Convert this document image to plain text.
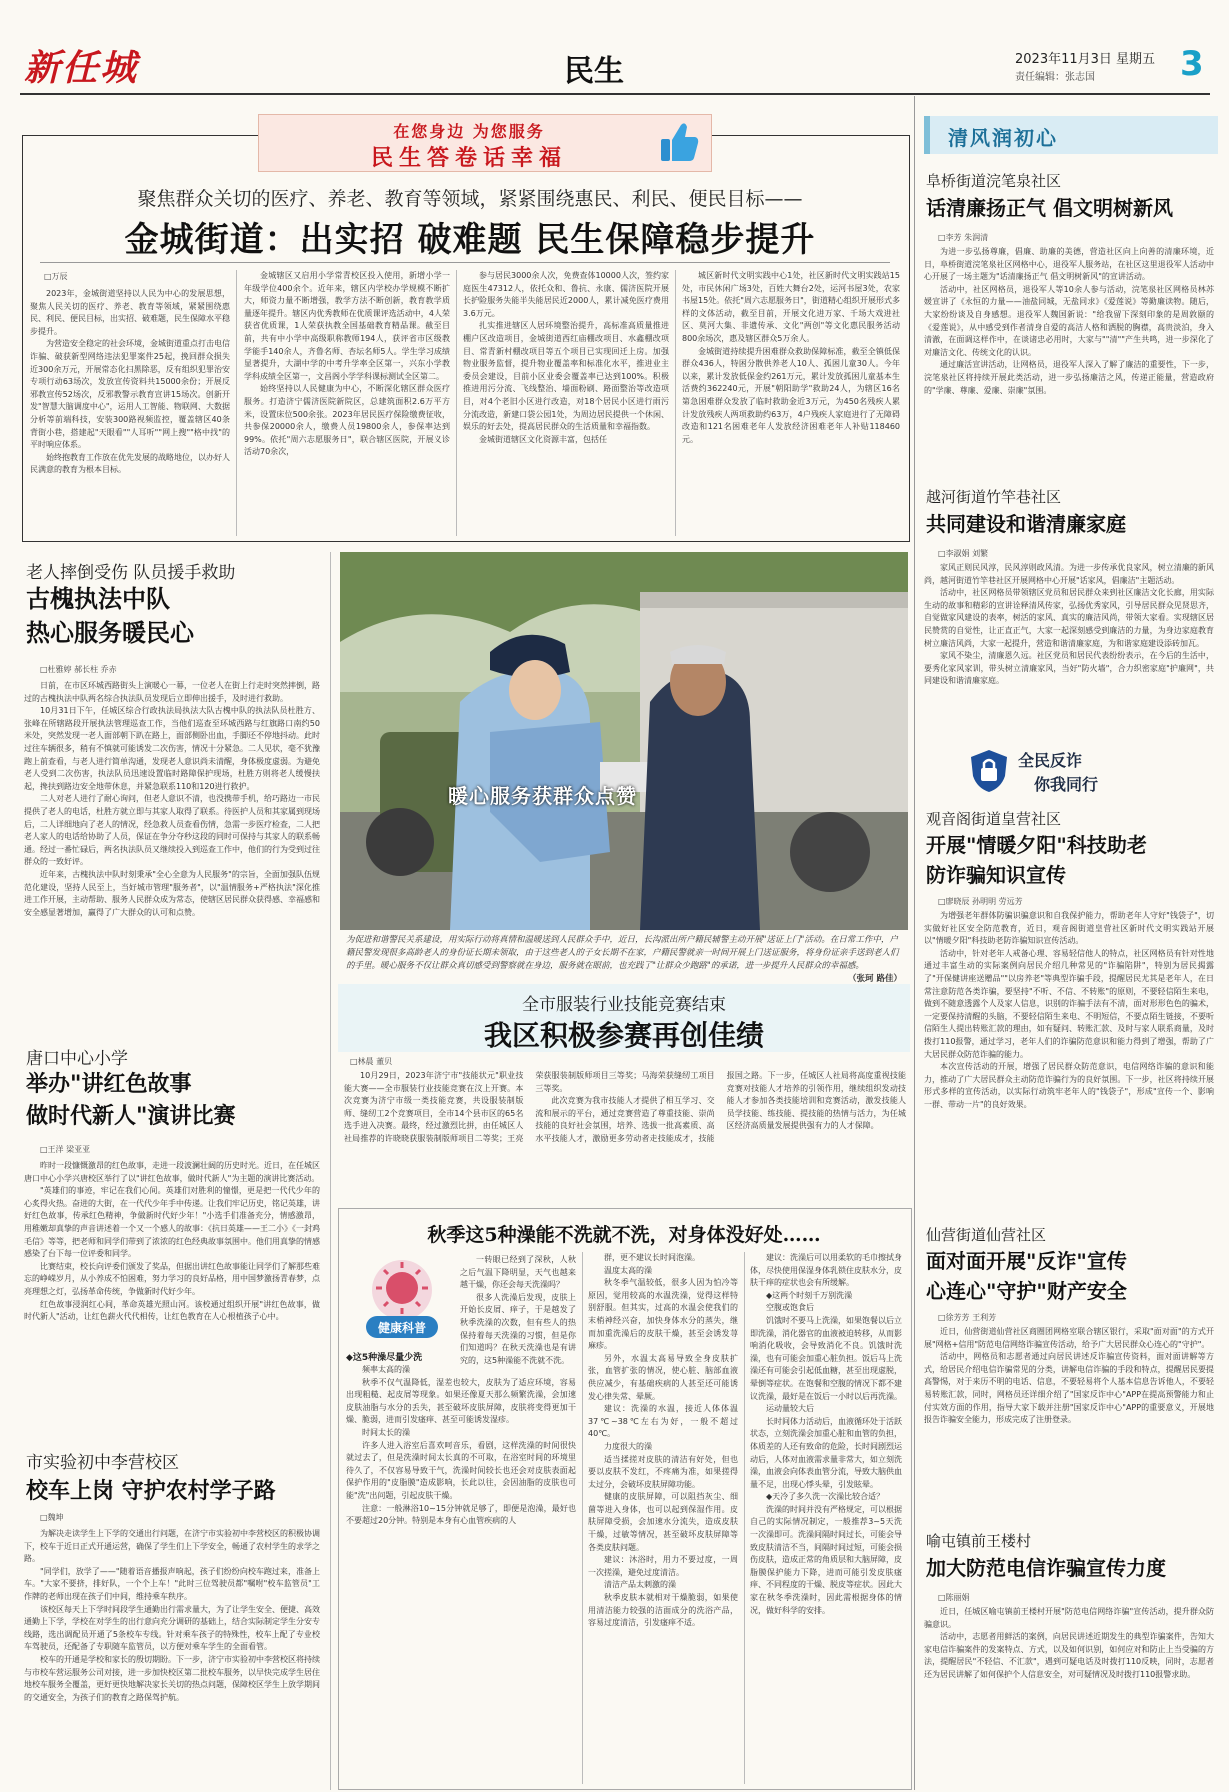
新任城	民生	2023年11月3日 星期五
责任编辑：张志国	3
在您身边 为您服务
民生答卷话幸福
聚焦群众关切的医疗、养老、教育等领域，紧紧围绕惠民、利民、便民目标——
金城街道：出实招 破难题 民生保障稳步提升
□万辰

2023年，金城街道坚持以人民为中心的发展思想，聚焦人民关切的医疗、养老、教育等领域，紧紧围绕惠民、利民、便民目标，出实招、破难题，民生保障水平稳步提升。

为营造安全稳定的社会环境，金城街道重点打击电信诈骗、破获新型网络违法犯罪案件25起，挽回群众损失近300余万元，开展常态化扫黑除恶，反有组织犯罪治安专项行动63场次，发放宣传资料共15000余份；开展反邪教宣传52场次，反邪教警示教育宣讲15场次。创新开发"智慧大脑调度中心"，运用人工智能、物联网、大数据分析等前端科技，安装300路视频监控，覆盖辖区40条背街小巷，搭建起"天眼看""人耳听""网上搜""格中找"的平时响应体系。

始终抱教育工作放在优先发展的战略地位，以办好人民满意的教育为根本目标。

金城辖区又启用小学常青校区投入使用，新增小学一年级学位400余个。近年来，辖区内学校办学规模不断扩大，师资力量不断增强，教学方法不断创新，教育教学质量逐年提升。辖区内优秀教师在优质课评选活动中，4人荣获省优质课，1人荣获执教全国基础教育精品课。截至目前，共有中小学中高级职称教师194人，获评省市区级教学能手140余人，齐鲁名师、杏坛名师5人。学生学习成绩显著提升，大湖中学的中考升学率全区第一，兴东小学教学科成绩全区第一，文昌阁小学学科课标测试全区第二。

始终坚持以人民健康为中心，不断深化辖区群众医疗服务。打造济宁儒济医院新院区，总建筑面积2.6万平方米，设置床位500余张。2023年居民医疗保险缴费征收，共参保20000余人，缴费人员19800余人，参保率达到99%。依托"周六志愿服务日"，联合辖区医院，开展义诊活动70余次，

参与居民3000余人次，免费查体10000人次，签约家庭医生47312人，依托众和、鲁抗、永康、儒济医院开展长护险服务失能半失能居民近2000人，累计减免医疗费用3.6万元。

扎实推进辖区人居环境整治提升，高标准高质量推进棚户区改造项目，金城街道西红庙棚改项目、水鑫棚改项目、常青新村棚改项目等五个项目已实现回迁上房。加强物业服务监督，提升物业覆盖率和标准化水平，推进业主委员会建设，目前小区业委会覆盖率已达到100%。积极推进用污分流、飞线整治、墙面粉刷、路面整治等改造项目，对4个老旧小区进行改造，对18个居民小区进行雨污分流改造，新建口袋公园1处，为周边居民提供一个休闲、娱乐的好去处，提高居民群众的生活质量和幸福指数。

金城街道辖区文化资源丰富，包括任

城区新时代文明实践中心1处，社区新时代文明实践站15处，市民休闲广场3处，百姓大舞台2处，运河书屋3处，农家书屋15处。依托"周六志愿服务日"，街道精心组织开展形式多样的文体活动，截至目前，开展文化进万家、千场大戏进社区、莫河大集、非遗传承、文化"两创"等文化惠民服务活动800余场次，惠及辖区群众5万余人。

金城街道持续提升困难群众救助保障标准，截至全镇低保群众436人，特困分散供养老人10人、孤困儿童30人。今年以来，累计发放低保金约261万元，累计发放孤困儿童基本生活费约362240元，开展"朝阳助学"救助24人，为辖区16名第急困难群众发放了临时救助金近3万元，为450名残疾人累计发放残疾人两项救助约63万，4户残疾人家庭进行了无障碍改造和121名困难老年人发放经济困难老年人补贴118460元。

老人摔倒受伤 队员援手救助
古槐执法中队
热心服务暖民心
□杜雅婷 郝长柱 乔赤

日前，在市区环城西路街头上演暖心一幕，一位老人在街上行走时突然摔倒，路过的古槐执法中队两名综合执法队员发现后立即伸出援手，及时进行救助。

10月31日下午，任城区综合行政执法局执法大队古槐中队的执法队员杜胜方、张峰在所辖路段开展执法管理巡查工作，当他们巡查至环城西路与红旗路口南约50米处，突然发现一老人面部朝下趴在路上，面部侧卧出血，手脚还不停地抖动。此时过往车辆很多，稍有不慎就可能诱发二次伤害，情况十分紧急。二人见状，毫不犹豫跑上前查看，与老人进行简单沟通，发现老人意识尚未清醒，身体极度虚弱。为避免老人受到二次伤害，执法队员迅速设置临时路障保护现场，杜胜方则将老人缓慢扶起，搀扶到路边安全地带休息，并紧急联系110和120进行救护。

二人对老人进行了耐心询问，但老人意识不清，也没携带手机，给巧路边一市民提供了老人的电话，杜胜方就立即与其家人取得了联系。待医护人员和其家属到现场后，二人详细地向了老人的情况，经急救人员查看伤情，急需一步医疗检查，二人把老人家人的电话给协助了人员，保证在争分夺秒这段的同时可保持与其家人的联系畅通。经过一番忙碌后，两名执法队员又继续投入到巡查工作中，他们的行为受到过往群众的一致好评。

近年来，古槐执法中队时刻秉承"全心全意为人民服务"的宗旨，全面加强队伍规范化建设，坚持人民至上，当好城市管理"服务者"，以"温情服务+严格执法"深化推进工作开展，主动帮助、服务人民群众成为常态，使辖区居民群众获得感、幸福感和安全感显著增加，赢得了广大群众的认可和点赞。

暖心服务获群众点赞
为促进和谐警民关系建设，用实际行动将真情和温暖送到人民群众手中，近日，长沟派出所户籍民辅警主动开展"送证上门"活动。在日常工作中，户籍民警发现很多高龄老人的身份证长期未领取，由于这些老人的子女长期不在家，户籍民警就亲一时间开展上门送证服务，将身份证亲手送到老人们的手里。暖心服务不仅让群众真切感受到警察就在身边，服务就在眼前，也充践了"让群众少跑路"的承诺，进一步提升人民群众的幸福感。
（张珂 路佳）
全市服装行业技能竞赛结束
我区积极参赛再创佳绩
□林晨 董贝

10月29日，2023年济宁市"技能状元"职业技能大赛——全市服装行业技能竞赛在汶上开赛。本次竞赛为济宁市级一类技能竞赛，共设服装制版师、缝纫工2个竞赛项目，全市14个县市区的65名选手进入决赛。最终，经过激烈比拼，由任城区人社局推荐的许晓晓获服装制版师项目二等奖；王亮荣获服装制版师项目三等奖；马海荣获缝纫工项目三等奖。

此次竞赛为我市技能人才提供了相互学习、交流和展示的平台，通过竞赛营造了尊重技能、崇尚技能的良好社会氛围，培养、选拔一批高素质、高水平技能人才，激励更多劳动者走技能成才，技能报国之路。下一步，任城区人社局将高度重视技能竞赛对技能人才培养的引领作用，继续组织发动技能人才参加各类技能培训和竞赛活动，激发技能人员学技能、练技能、提技能的热情与活力，为任城区经济高质量发展提供强有力的人才保障。

唐口中心小学
举办"讲红色故事
做时代新人"演讲比赛
□王洋 梁亚亚

昨时一段慷慨激昂的红色故事，走进一段波澜壮阔的历史时光。近日，在任城区唐口中心小学兴唐校区举行了以"讲红色故事，做时代新人"为主题的演讲比赛活动。

"英雄们的事迹，牢记在我们心间。英雄们对胜利的憧憬，更是把一代代少年的心炙得火热。奋进的大街，在一代代少年手中传递。让我们牢记历史，铭记英雄，讲好红色故事，传承红色精神，争做新时代好少年！"小选手们准备充分，情感激昂，用稚嫩却真挚的声音讲述着一个又一个感人的故事：《抗日英雄——王二小》《一封鸡毛信》等等，把老师和同学们带到了浓浓的红色经典故事氛围中。他们用真挚的情感感染了台下每一位评委和同学。

比赛结束，校长向评委们颁发了奖品，但据出讲红色故事能让同学们了解那些难忘的峥嵘岁月，从小养成不怕困难，努力学习的良好品格，用中国梦激扬青春梦，点亮理想之灯，弘扬革命传统，争做新时代好少年。

红色故事浸润红心间，革命英雄光照山河。该校通过组织开展"讲红色故事，做时代新人"活动，让红色薪火代代相传，让红色教育在人心根植孩子心中。

市实验初中李营校区
校车上岗 守护农村学子路
□魏坤

为解决走读学生上下学的交通出行问题，在济宁市实验初中李营校区的积极协调下，校车于近日正式开通运营，确保了学生们上下学安全，畅通了农村学生的求学之路。

"同学们，放学了——"随着语音播报声响起，孩子们纷纷向校车跑过来，准备上车。"大家不要挤，排好队，一个个上车！"此时三位驾驶员都"嘱咐"校车监管员"工作牌的老师出现在孩子们中间，维持乘车秩序。

该校区每天上下学时间段学生通勤出行需求量大，为了让学生安全、便捷、高效通勤上下学，学校在对学生的出行意向充分调研的基础上，结合实际制定学生分安专线路，选出调配员开通了5条校车专线。针对乘车孩子的特殊性，校车上配了专业校车驾驶员，还配备了专职随车监管员，以方便对乘车学生的全面看管。

校车的开通是学校和家长的殷切期盼。下一步，济宁市实验初中李营校区将持续与市校车营运服务公司对接，进一步加快校区第二批校车服务，以早快完成学生居住地校车服务全覆盖，更好更快地解决家长关切的热点问题，保障校区学生上放学期间的交通安全，为孩子们的教育之路保驾护航。

秋季这5种澡能不洗就不洗，对身体没好处……
健康科普

一转眼已经到了深秋，人秋之后气温下降明显，天气也越来越干燥，你还会每天洗澡吗？

很多人洗澡后发现，皮肤上开始长皮屑、痒子，于是越发了秋季洗澡的次数，但有些人的热保持着每天洗澡的习惯，但是你们知道吗？在秋天洗澡也是有讲究的，这5种澡能不洗就不洗。

◆这5种澡尽量少洗

频率太高的澡

秋季不仅气温降低，湿差也较大，皮肤为了适应环境，容易出现粗糙、起皮屑等现象。如果还像夏天那么频繁洗澡，会加速皮肤油脂与水分的丢失，甚至破坏皮肤屏障，皮肤将变得更加干燥、脆弱，进而引发瘙痒、甚至可能诱发湿疹。

时间太长的澡

许多人进入浴室后喜欢呵音乐，看剧，这样洗澡的时间很快就过去了，但是洗澡时间太长真的不可取，在浴室时间的环境里待久了，不仅容易导致干气，洗澡时间较长也还会对皮肤表面起保护作用的"皮脂膜"造成影响，长此以往，会因油脂的皮肤也可能"洗"出问题，引起皮肤干燥。

注意：一般淋浴10~15分钟就足够了，即便是泡澡，最好也不要超过20分钟。特别是本身有心血管疾病的人

群，更不建议长时间泡澡。

温度太高的澡

秋冬季气温较低，很多人因为怕冷等原因，觉用较高的水温洗澡，觉得这样特别舒服。但其实，过高的水温会使我们的末梢神经兴奋，加快身体水分的蒸失，继而加重洗澡后的皮肤干燥，甚至会诱发荨麻疹。

另外，水温太高易导致全身皮肤扩张，血管扩张的情况，使心脏、脑部血液供应减少，有基础疾病的人甚至还可能诱发心律失常、晕厥。

建议：洗澡的水温，接近人体体温37℃~38℃左右为好，一般不超过40℃。

力度很大的澡

适当揉搓对皮肤的清洁有好处，但也要以皮肤不发红，不疼痛为准，如果搓得太过分，会破坏皮肤屏障功能。

健康的皮肤屏障，可以阻挡灰尘、细菌等进入身体，也可以起到保湿作用。皮肤屏障受损，会加速水分流失，造成皮肤干燥，过敏等情况，甚至破坏皮肤屏障等各类皮肤问题。

建议：沐浴时，用力不要过度，一周一次搓澡，避免过度清洁。

清洁产品太刺激的澡

秋季皮肤本就相对干燥脆弱，如果使用清洁能力较强的洁面成分的洗浴产品，容易过度清洁，引发瘙痒不适。

建议：洗澡后可以用柔软的毛巾擦拭身体，尽快使用保湿身体乳锁住皮肤水分，皮肤干痒的症状也会有所缓解。

◆这两个时刻千万别洗澡

空腹或饱食后

饥饿时不要马上洗澡，如果饱餐以后立即洗澡，消化器官的血液被迫转移，从而影响消化吸收，会导致消化不良。饥饿时洗澡，也有可能会加重心脏负担。饭后马上洗澡还有可能会引起低血糖，甚至出现虚脱，晕倒等症状。在饱餐和空腹的情况下都不建议洗澡，最好是在饭后一小时以后再洗澡。

运动量较大后

长时间体力活动后，血液循环处于活跃状态，立刻洗澡会加重心脏和血管的负担，体质差的人还有致命的危险，长时间剧烈运动后，人体对血液需求量非常大，如立刻洗澡，血液会向体表血管分流，导致大脑供血量不足，出现心悸头晕，引发眩晕。

◆天冷了多久洗一次澡比较合适？

洗澡的时间并没有严格规定，可以根据自己的实际情况制定，一般推荐3~5天洗一次澡即可。洗澡间隔时间过长，可能会导致皮肤清洁不当，间隔时间过短，可能会损伤皮肤，造成正常的角质层和大脑屏障，皮脂膜保护能力下降，进而可能引发皮肤瘙痒、不同程度的干燥、脱皮等症状。因此大家在秋冬季洗澡时，因此需根据身体的情况，做好科学的安排。

清风润初心
阜桥街道浣笔泉社区
话清廉扬正气 倡文明树新风
□李芳 朱润清

为进一步弘扬尊廉，倡廉、助廉的美德，营造社区向上向善的清廉环境，近日，阜桥街道浣笔泉社区网格中心，退役军人服务站，在社区这里退役军人活动中心开展了一场主题为"话清廉扬正气 倡文明树新风"的宣讲活动。

活动中，社区网格员，退役军人等10余人参与活动，浣笔泉社区网格员林苏媛宣讲了《永恒的力量——油盐同城，无盐同求》《爱莲说》等勤廉读物。随后，大家纷纷谈及自身感想。退役军人魏国新说："给我留下深刻印象的是周敦颐的《爱莲说》，从中感受到作者清身自爱的高洁人格和洒脱的胸襟，高贵淡泊，身入清澈，在面调这样作中，在谈诸忠必用时，大家与""清""产生共鸣，进一步深化了对廉洁文化、传统文化的认识。

通过廉活宣讲活动，让网格员，退役军人深入了解了廉洁的重要性，下一步，浣笔泉社区将持续开展此类活动，进一步弘扬廉洁之风，传递正能量，营造政府的"学廉、尊廉、爱廉、崇廉"氛围。

越河街道竹竿巷社区
共同建设和谐清廉家庭
□李淑娟 刘繁

家风正则民风淳，民风淳则政风清。为进一步传承优良家风，树立清廉的新风尚，越河街道竹竿巷社区开展网格中心开展"话家风，倡廉洁"主题活动。

活动中，社区网格员带领辖区党员和居民群众来到社区廉洁文化长廊，用实际生动的故事和精彩的宣讲诠释清风传家，弘扬优秀家风，引导居民群众见贤思齐，自觉做家风建设的表率，树活的家风、真实的廉洁风尚，带领大家看。实现辖区居民赞赏的自觉性，让正直正气，大家一起深刻感受到廉洁的力量，为身边家庭教育树立廉洁风尚，大家一起提升，营造和谐清廉家庭，为和谐家庭建设添砖加瓦。

家风不染尘，清廉恩久远。社区党员和居民代表纷纷表示，在今后的生活中，要秀化家风家训，带头树立清廉家风，当好"防火墙"，合力织密家庭"护廉网"，共同建设和谐清廉家庭。

全民反诈
你我同行
观音阁街道皇营社区
开展"情暖夕阳"科技助老
防诈骗知识宣传
□廖晓辰 孙明明 劳远芳

为增强老年群体防骗识骗意识和自我保护能力，帮助老年人守好"钱袋子"，切实做好社区安全防范教育，近日，观音阁街道皇营社区新时代文明实践站开展以"情暖夕阳"科技助老防诈骗知识宣传活动。

活动中，针对老年人戒备心理、容易轻信他人的特点，社区网格员有针对性地通过丰富生动的实际案例向居民介绍几种常见的"诈骗陷阱"，特别为居民揭露了"开保健讲座送赠品""以房养老"等典型诈骗手段，提醒居民尤其是老年人，在日常注意防范各类诈骗，要坚持"不听、不信、不转账"的原则，不要轻信陌生来电，做到不随意透露个人及家人信息，识别的诈骗手法有不清，面对形形色色的骗术，一定要保持清醒的头脑，不要轻信陌生来电、不明短信，不要点陌生链接，不要听信陌生人提出转账汇款的理由，如有疑问、转账汇款、及时与家人联系商量，及时拨打110报警，通过学习，老年人们的诈骗防范意识和能力得到了增强，帮助了广大居民群众防范诈骗的能力。

本次宣传活动的开展，增强了居民群众防范意识，电信网络诈骗的意识和能力，推动了广大居民群众主动防范诈骗行为的良好氛围。下一步，社区将持续开展形式多样的宣传活动，以实际行动筑牢老年人的"钱袋子"，形成"宣传一个、影响一群、带动一片"的良好效果。

仙营街道仙营社区
面对面开展"反诈"宣传
心连心"守护"财产安全
□徐芳芳 王利芳

近日，仙营街道仙营社区商圈团网格室联合辖区银行，采取"面对面"的方式开展"网格+信用"防范电信网络诈骗宣传活动，给予广大居民群众心连心的"守护"。

活动中，网格员和志愿者通过向居民讲述反诈骗宣传资料，面对面讲解等方式，给居民介绍电信诈骗常见的分类，讲解电信诈骗的手段和特点，提醒居民要提高警惕，对于来历不明的电话、信息，不要轻易将个人基本信息告诉他人，不要轻易转账汇款，同时，网格员还详细介绍了"国家反诈中心"APP在提高预警能力和止付实效方面的作用，指导大家下载并注册"国家反诈中心"APP的重要意义，开展地报告诈骗安全能力，形成完成了注册登录。

喻屯镇前王楼村
加大防范电信诈骗宣传力度
□陈丽娟

近日，任城区喻屯镇前王楼村开展"防范电信网络诈骗"宣传活动，提升群众防骗意识。

活动中，志愿者用鲜活的案例，向居民讲述近期发生的典型诈骗案件，告知大家电信诈骗案件的发案特点、方式，以及如何识别，如何应对和防止上当受骗的方法，提醒居民"不轻信、不汇款"，遇到可疑电话及时拨打110反映，同时，志愿者还为居民讲解了如何保护个人信息安全，对可疑情况及时拨打110报警求助。
